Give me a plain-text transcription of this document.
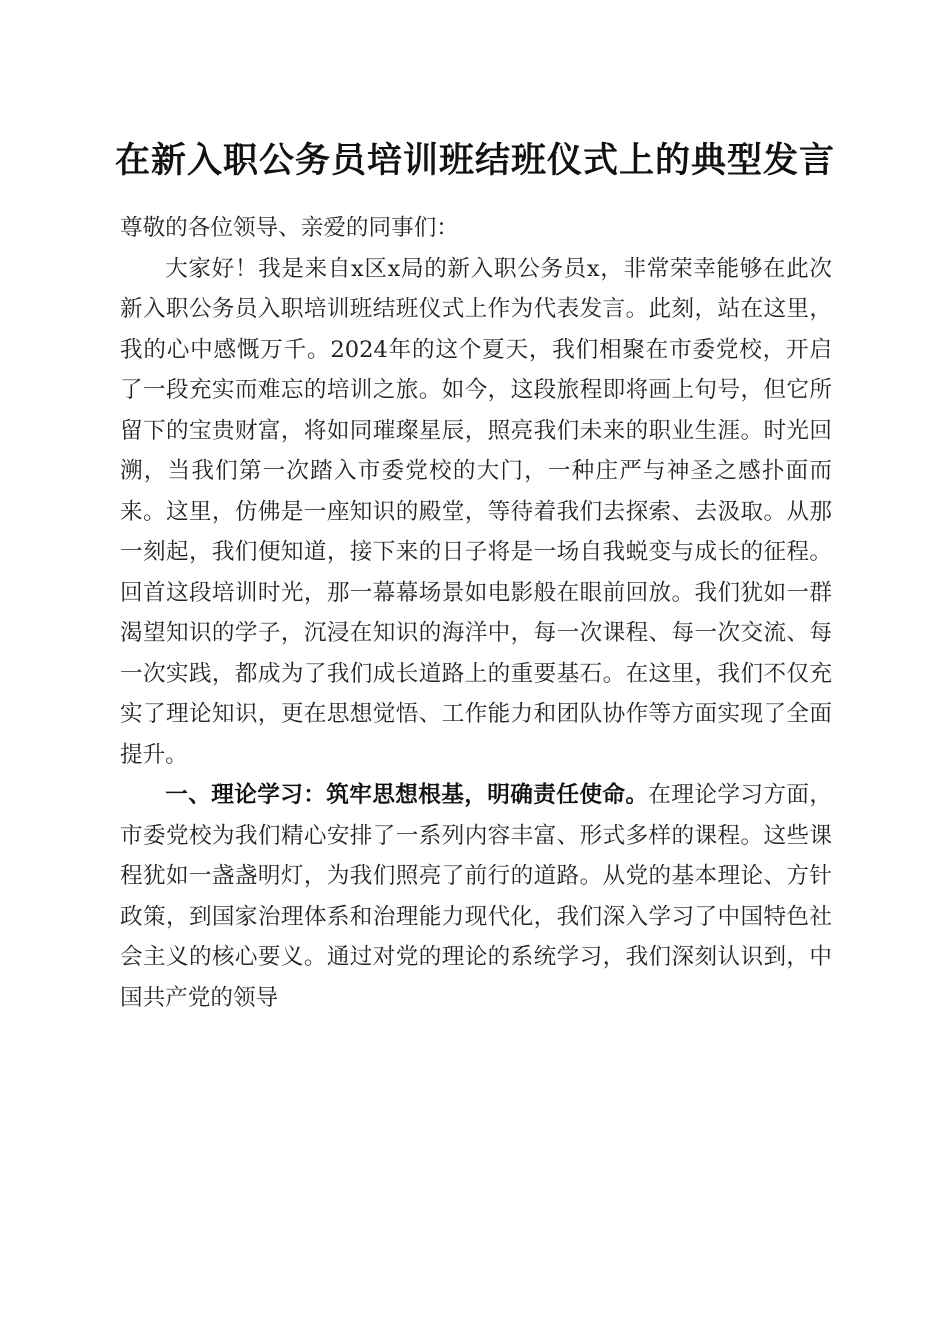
在新入职公务员培训班结班仪式上的典型发言

尊敬的各位领导、亲爱的同事们：

大家好！我是来自x区x局的新入职公务员x，非常荣幸能够在此次新入职公务员入职培训班结班仪式上作为代表发言。此刻，站在这里，我的心中感慨万千。2024年的这个夏天，我们相聚在市委党校，开启了一段充实而难忘的培训之旅。如今，这段旅程即将画上句号，但它所留下的宝贵财富，将如同璀璨星辰，照亮我们未来的职业生涯。时光回溯，当我们第一次踏入市委党校的大门，一种庄严与神圣之感扑面而来。这里，仿佛是一座知识的殿堂，等待着我们去探索、去汲取。从那一刻起，我们便知道，接下来的日子将是一场自我蜕变与成长的征程。回首这段培训时光，那一幕幕场景如电影般在眼前回放。我们犹如一群渴望知识的学子，沉浸在知识的海洋中，每一次课程、每一次交流、每一次实践，都成为了我们成长道路上的重要基石。在这里，我们不仅充实了理论知识，更在思想觉悟、工作能力和团队协作等方面实现了全面提升。

一、理论学习：筑牢思想根基，明确责任使命。在理论学习方面，市委党校为我们精心安排了一系列内容丰富、形式多样的课程。这些课程犹如一盏盏明灯，为我们照亮了前行的道路。从党的基本理论、方针政策，到国家治理体系和治理能力现代化，我们深入学习了中国特色社会主义的核心要义。通过对党的理论的系统学习，我们深刻认识到，中国共产党的领导
